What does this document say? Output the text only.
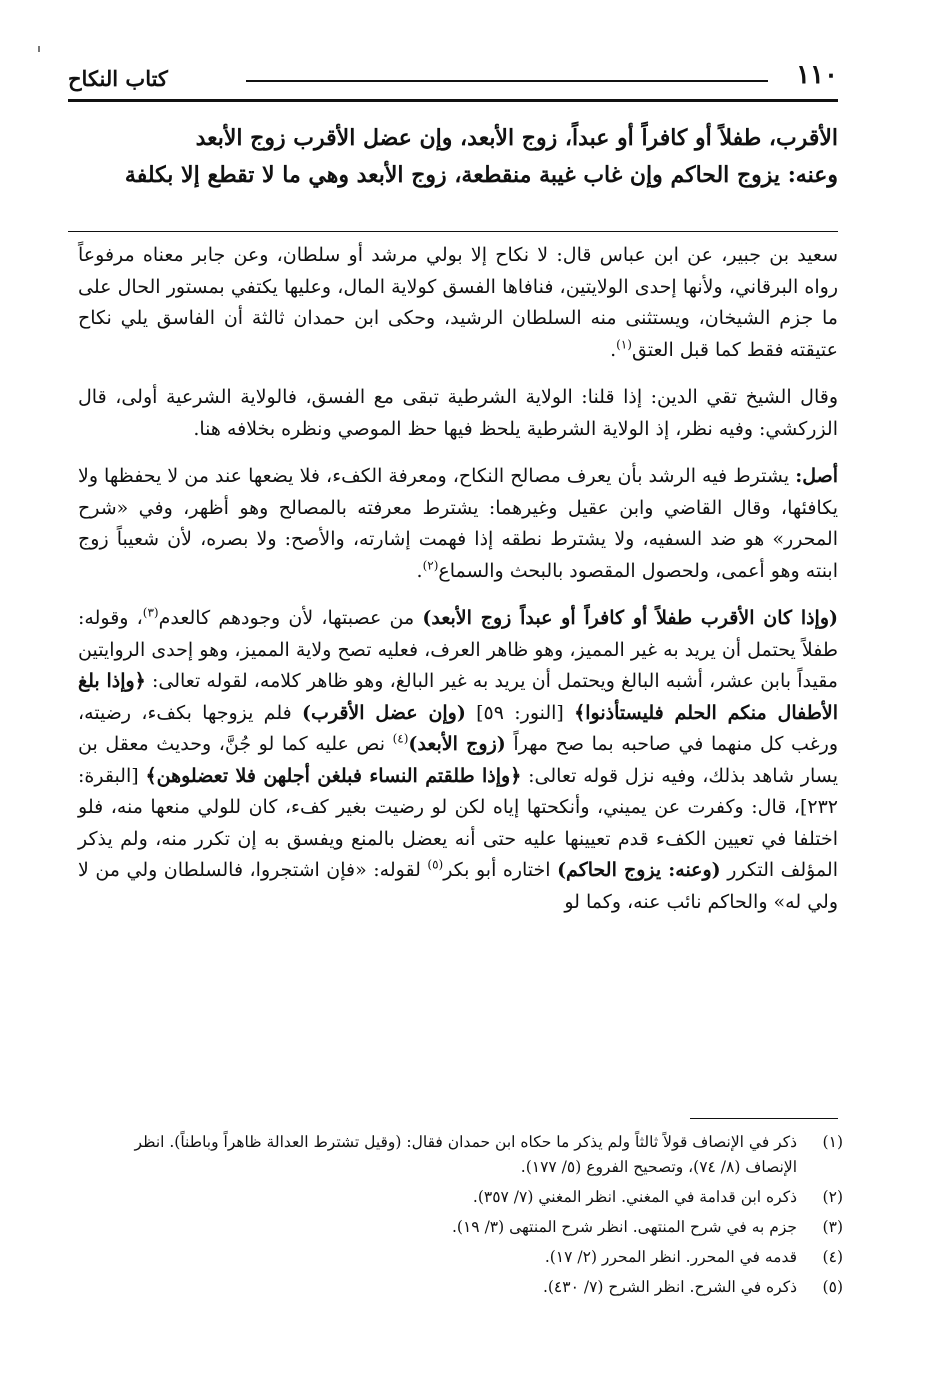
١١٠
كتاب النكاح
الأقرب، طفلاً أو كافراً أو عبداً، زوج الأبعد، وإن عضل الأقرب زوج الأبعد
وعنه: يزوج الحاكم وإن غاب غيبة منقطعة، زوج الأبعد وهي ما لا تقطع إلا بكلفة

سعيد بن جبير، عن ابن عباس قال: لا نكاح إلا بولي مرشد أو سلطان، وعن جابر معناه مرفوعاً رواه البرقاني، ولأنها إحدى الولايتين، فنافاها الفسق كولاية المال، وعليها يكتفي بمستور الحال على ما جزم الشيخان، ويستثنى منه السلطان الرشيد، وحكى ابن حمدان ثالثة أن الفاسق يلي نكاح عتيقته فقط كما قبل العتق$^{(١)}$.

وقال الشيخ تقي الدين: إذا قلنا: الولاية الشرطية تبقى مع الفسق، فالولاية الشرعية أولى، قال الزركشي: وفيه نظر، إذ الولاية الشرطية يلحظ فيها حظ الموصي ونظره بخلافه هنا.

أصل: يشترط فيه الرشد بأن يعرف مصالح النكاح، ومعرفة الكفء، فلا يضعها عند من لا يحفظها ولا يكافئها، وقال القاضي وابن عقيل وغيرهما: يشترط معرفته بالمصالح وهو أظهر، وفي «شرح المحرر» هو ضد السفيه، ولا يشترط نطقه إذا فهمت إشارته، والأصح: ولا بصره، لأن شعيباً زوج ابنته وهو أعمى، ولحصول المقصود بالبحث والسماع$^{(٢)}$.

(وإذا كان الأقرب طفلاً أو كافراً أو عبداً زوج الأبعد) من عصبتها، لأن وجودهم كالعدم$^{(٣)}$، وقوله: طفلاً يحتمل أن يريد به غير المميز، وهو ظاهر العرف، فعليه تصح ولاية المميز، وهو إحدى الروايتين مقيداً بابن عشر، أشبه البالغ ويحتمل أن يريد به غير البالغ، وهو ظاهر كلامه، لقوله تعالى: ﴿وإذا بلغ الأطفال منكم الحلم فليستأذنوا﴾ [النور: ٥٩] (وإن عضل الأقرب) فلم يزوجها بكفء، رضيته، ورغب كل منهما في صاحبه بما صح مهراً (زوج الأبعد)$^{(٤)}$ نص عليه كما لو جُنَّ، وحديث معقل بن يسار شاهد بذلك، وفيه نزل قوله تعالى: ﴿وإذا طلقتم النساء فبلغن أجلهن فلا تعضلوهن﴾ [البقرة: ٢٣٢]، قال: وكفرت عن يميني، وأنكحتها إياه لكن لو رضيت بغير كفء، كان للولي منعها منه، فلو اختلفا في تعيين الكفء قدم تعيينها عليه حتى أنه يعضل بالمنع ويفسق به إن تكرر منه، ولم يذكر المؤلف التكرر (وعنه: يزوج الحاكم) اختاره أبو بكر$^{(٥)}$ لقوله: «فإن اشتجروا، فالسلطان ولي من لا ولي له» والحاكم نائب عنه، وكما لو

(١)
ذكر في الإنصاف قولاً ثالثاً ولم يذكر ما حكاه ابن حمدان فقال: (وقيل تشترط العدالة ظاهراً وباطناً). انظر الإنصاف (٨/ ٧٤)، وتصحيح الفروع (٥/ ١٧٧).
(٢)
ذكره ابن قدامة في المغني. انظر المغني (٧/ ٣٥٧).
(٣)
جزم به في شرح المنتهى. انظر شرح المنتهى (٣/ ١٩).
(٤)
قدمه في المحرر. انظر المحرر (٢/ ١٧).
(٥)
ذكره في الشرح. انظر الشرح (٧/ ٤٣٠).
